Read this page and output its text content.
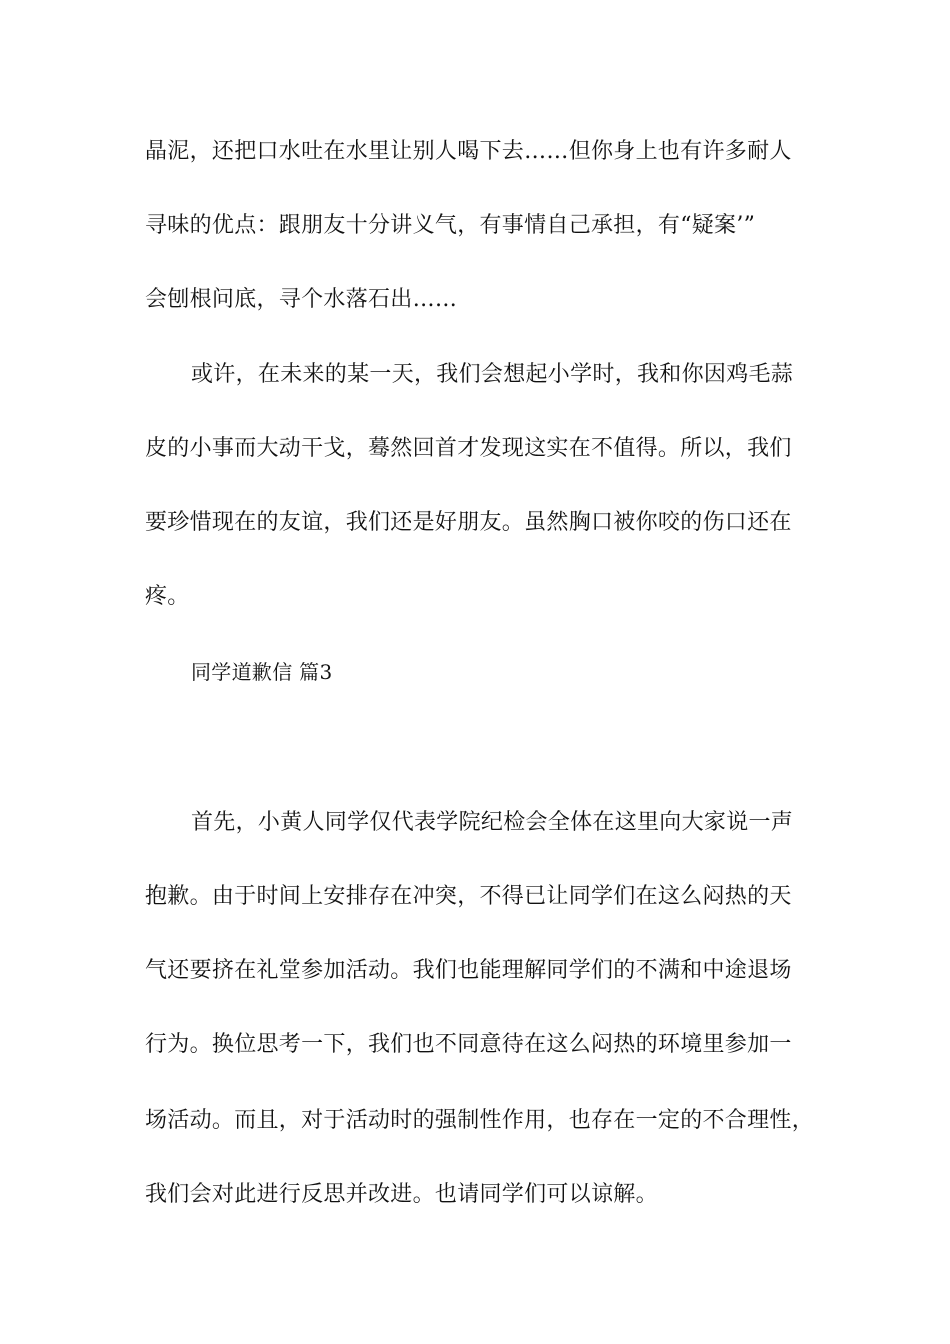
晶泥，还把口水吐在水里让别人喝下去……但你身上也有许多耐人
寻味的优点：跟朋友十分讲义气，有事情自己承担，有“疑案’”
会刨根问底，寻个水落石出……
或许，在未来的某一天，我们会想起小学时，我和你因鸡毛蒜
皮的小事而大动干戈，蓦然回首才发现这实在不值得。所以，我们
要珍惜现在的友谊，我们还是好朋友。虽然胸口被你咬的伤口还在
疼。
同学道歉信 篇3
首先，小黄人同学仅代表学院纪检会全体在这里向大家说一声
抱歉。由于时间上安排存在冲突，不得已让同学们在这么闷热的天
气还要挤在礼堂参加活动。我们也能理解同学们的不满和中途退场
行为。换位思考一下，我们也不同意待在这么闷热的环境里参加一
场活动。而且，对于活动时的强制性作用，也存在一定的不合理性，
我们会对此进行反思并改进。也请同学们可以谅解。
